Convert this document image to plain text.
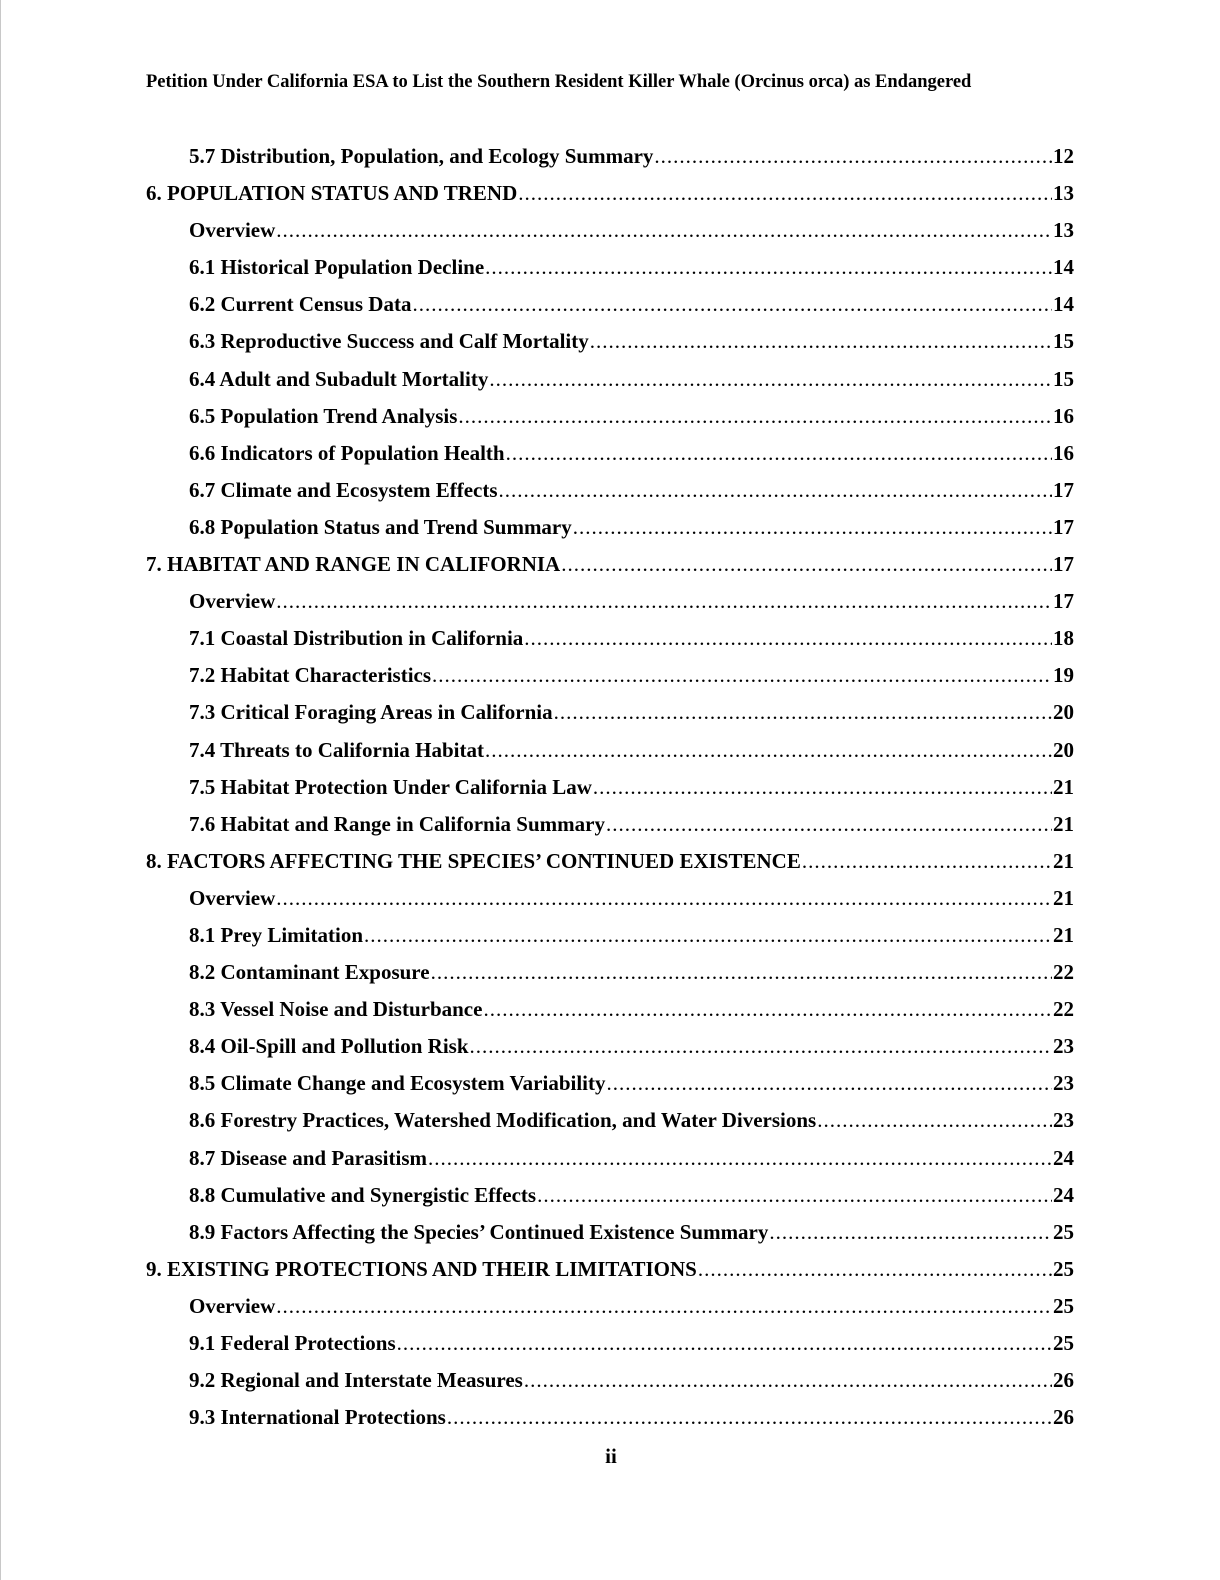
Petition Under California ESA to List the Southern Resident Killer Whale (Orcinus orca) as Endangered
5.7 Distribution, Population, and Ecology Summary .....	12
6. POPULATION STATUS AND TREND .....	13
Overview .....	13
6.1 Historical Population Decline .....	14
6.2 Current Census Data .....	14
6.3 Reproductive Success and Calf Mortality .....	15
6.4 Adult and Subadult Mortality .....	15
6.5 Population Trend Analysis .....	16
6.6 Indicators of Population Health .....	16
6.7 Climate and Ecosystem Effects .....	17
6.8 Population Status and Trend Summary .....	17
7. HABITAT AND RANGE IN CALIFORNIA .....	17
Overview .....	17
7.1 Coastal Distribution in California .....	18
7.2 Habitat Characteristics .....	19
7.3 Critical Foraging Areas in California .....	20
7.4 Threats to California Habitat .....	20
7.5 Habitat Protection Under California Law .....	21
7.6 Habitat and Range in California Summary .....	21
8. FACTORS AFFECTING THE SPECIES’ CONTINUED EXISTENCE .....	21
Overview .....	21
8.1 Prey Limitation .....	21
8.2 Contaminant Exposure .....	22
8.3 Vessel Noise and Disturbance .....	22
8.4 Oil-Spill and Pollution Risk .....	23
8.5 Climate Change and Ecosystem Variability .....	23
8.6 Forestry Practices, Watershed Modification, and Water Diversions .....	23
8.7 Disease and Parasitism .....	24
8.8 Cumulative and Synergistic Effects .....	24
8.9 Factors Affecting the Species’ Continued Existence Summary .....	25
9. EXISTING PROTECTIONS AND THEIR LIMITATIONS .....	25
Overview .....	25
9.1 Federal Protections .....	25
9.2 Regional and Interstate Measures .....	26
9.3 International Protections .....	26
ii
